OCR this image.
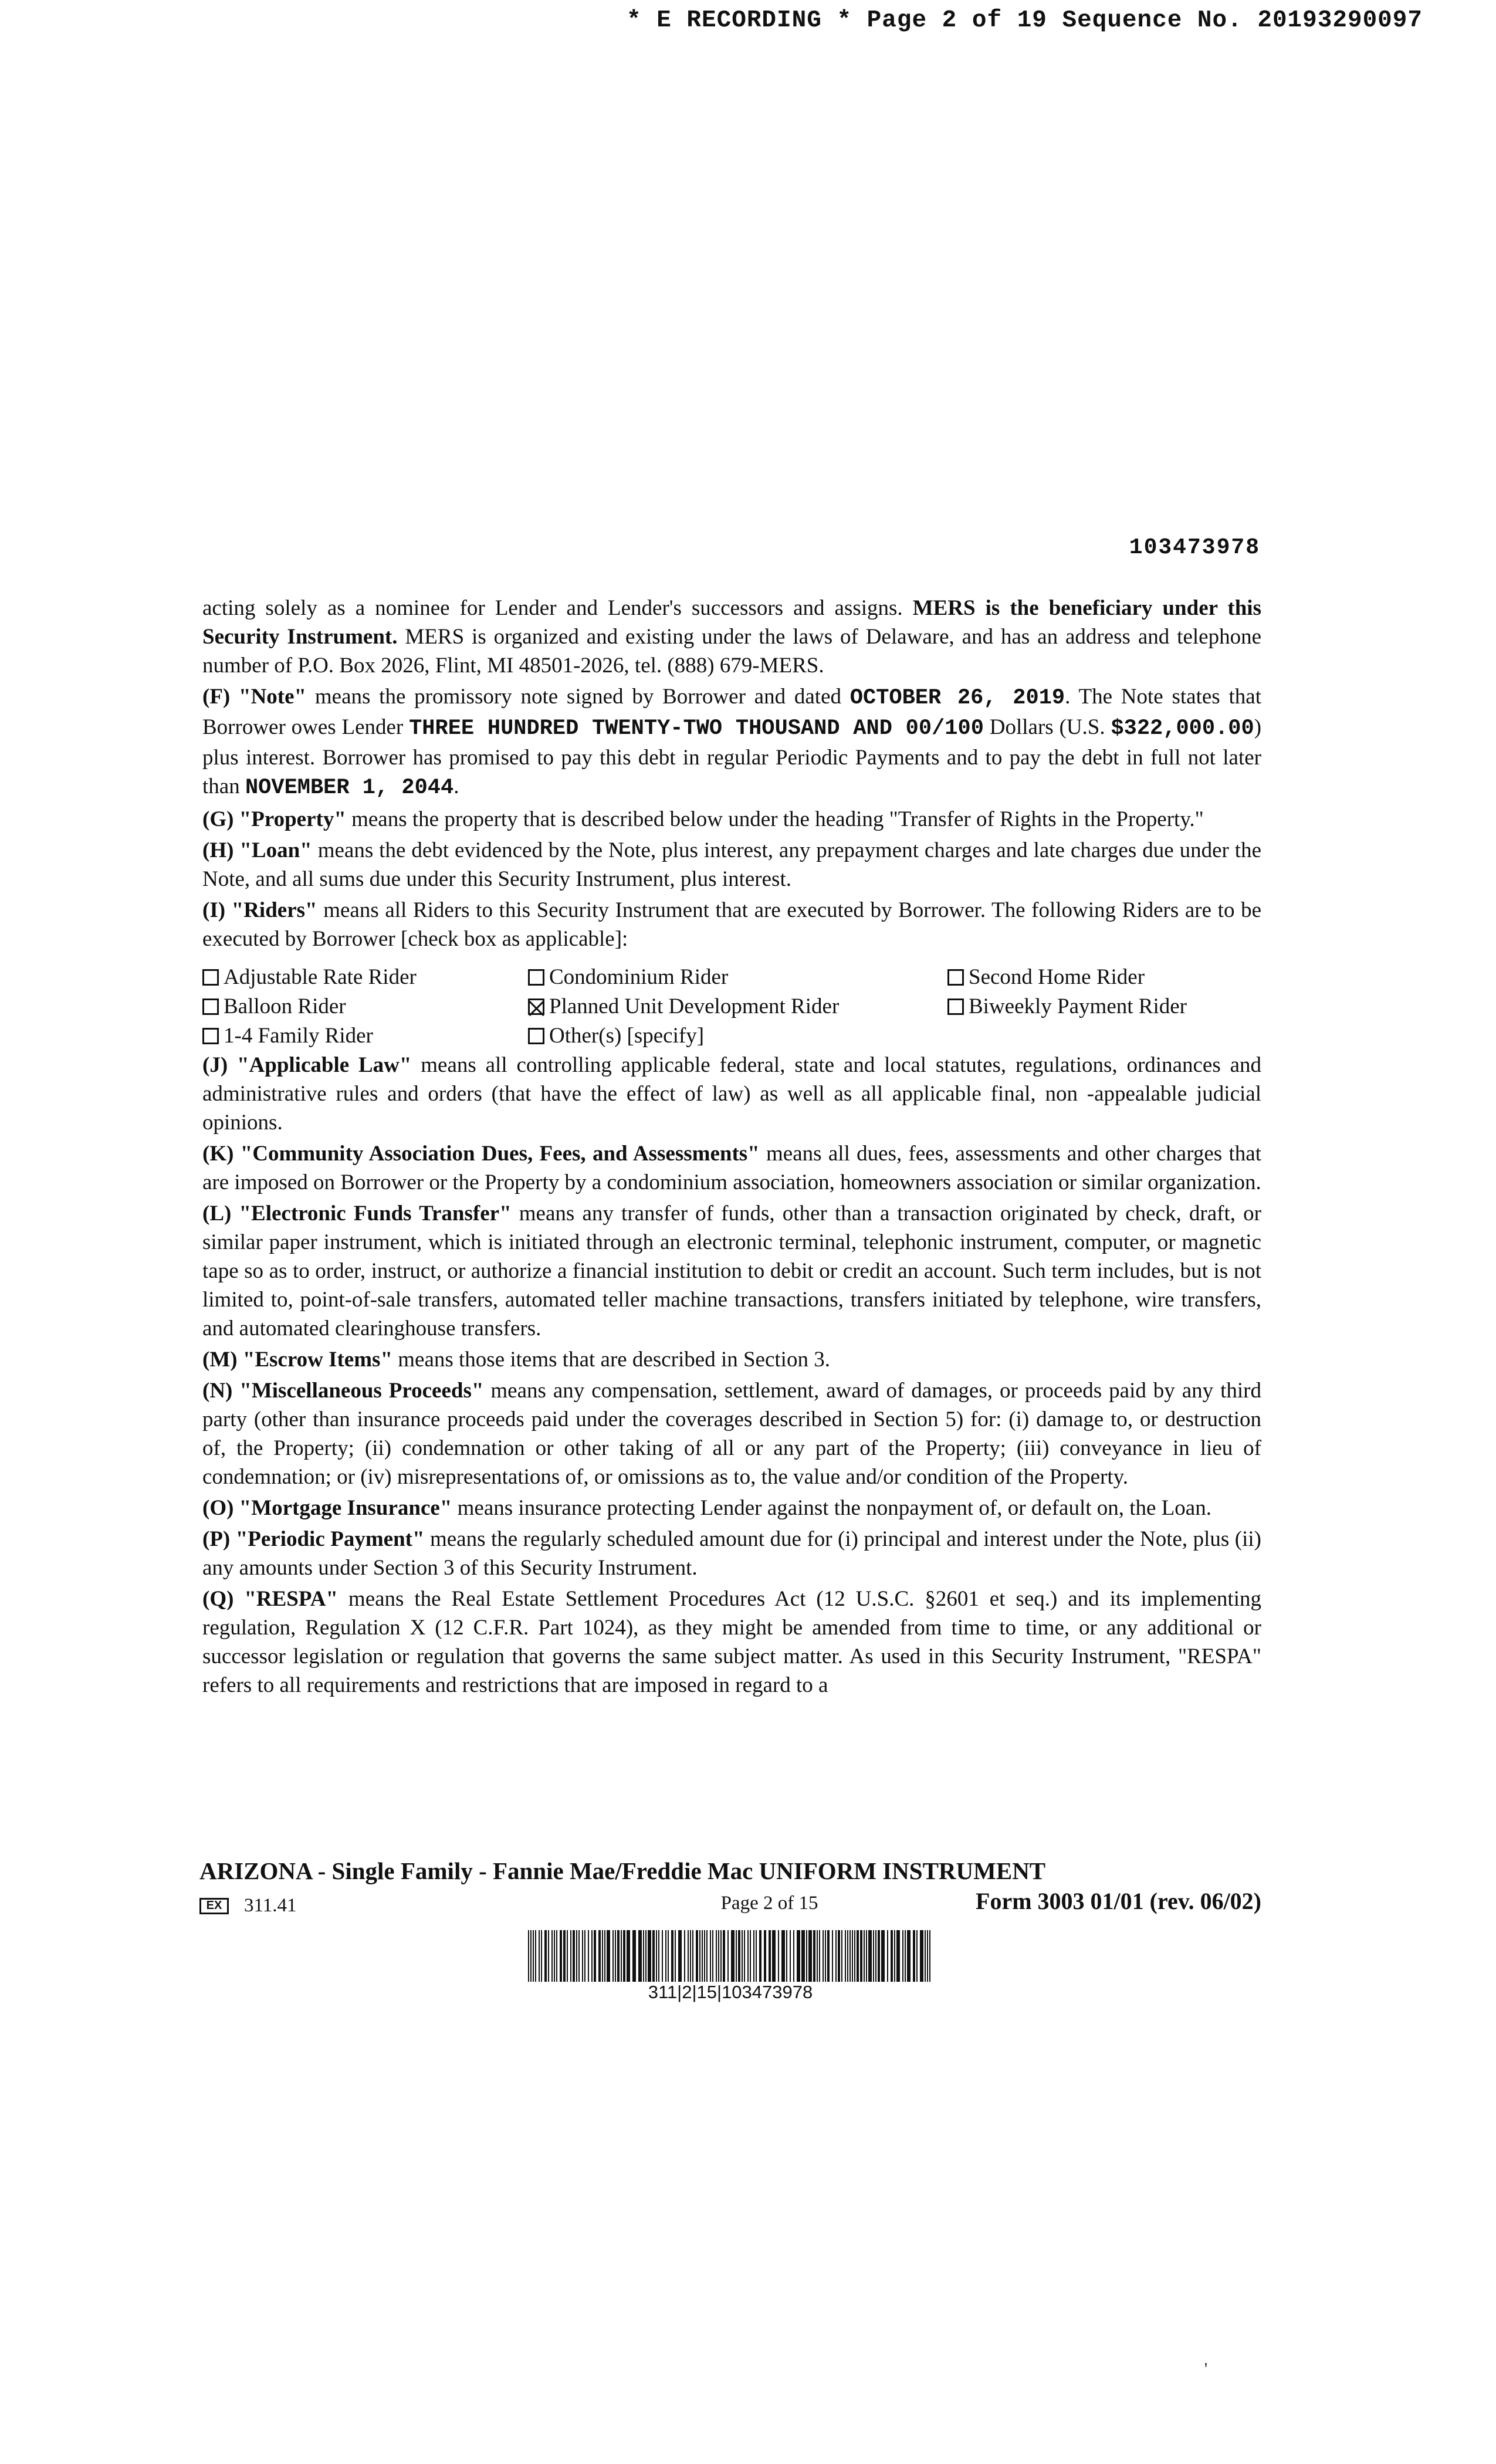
* E RECORDING * Page 2 of 19 Sequence No. 20193290097
103473978

acting solely as a nominee for Lender and Lender's successors and assigns. MERS is the beneficiary under this Security Instrument. MERS is organized and existing under the laws of Delaware, and has an address and telephone number of P.O. Box 2026, Flint, MI 48501-2026, tel. (888) 679-MERS.

(F) "Note" means the promissory note signed by Borrower and dated OCTOBER 26, 2019. The Note states that Borrower owes Lender THREE HUNDRED TWENTY-TWO THOUSAND AND 00/100 Dollars (U.S. $322,000.00) plus interest. Borrower has promised to pay this debt in regular Periodic Payments and to pay the debt in full not later than NOVEMBER 1, 2044.

(G) "Property" means the property that is described below under the heading "Transfer of Rights in the Property."

(H) "Loan" means the debt evidenced by the Note, plus interest, any prepayment charges and late charges due under the Note, and all sums due under this Security Instrument, plus interest.

(I) "Riders" means all Riders to this Security Instrument that are executed by Borrower. The following Riders are to be executed by Borrower [check box as applicable]:

Adjustable Rate Rider	Condominium Rider	Second Home Rider
Balloon Rider	Planned Unit Development Rider	Biweekly Payment Rider
1-4 Family Rider	Other(s) [specify]

(J) "Applicable Law" means all controlling applicable federal, state and local statutes, regulations, ordinances and administrative rules and orders (that have the effect of law) as well as all applicable final, non -appealable judicial opinions.

(K) "Community Association Dues, Fees, and Assessments" means all dues, fees, assessments and other charges that are imposed on Borrower or the Property by a condominium association, homeowners association or similar organization.

(L) "Electronic Funds Transfer" means any transfer of funds, other than a transaction originated by check, draft, or similar paper instrument, which is initiated through an electronic terminal, telephonic instrument, computer, or magnetic tape so as to order, instruct, or authorize a financial institution to debit or credit an account. Such term includes, but is not limited to, point-of-sale transfers, automated teller machine transactions, transfers initiated by telephone, wire transfers, and automated clearinghouse transfers.

(M) "Escrow Items" means those items that are described in Section 3.

(N) "Miscellaneous Proceeds" means any compensation, settlement, award of damages, or proceeds paid by any third party (other than insurance proceeds paid under the coverages described in Section 5) for: (i) damage to, or destruction of, the Property; (ii) condemnation or other taking of all or any part of the Property; (iii) conveyance in lieu of condemnation; or (iv) misrepresentations of, or omissions as to, the value and/or condition of the Property.

(O) "Mortgage Insurance" means insurance protecting Lender against the nonpayment of, or default on, the Loan.

(P) "Periodic Payment" means the regularly scheduled amount due for (i) principal and interest under the Note, plus (ii) any amounts under Section 3 of this Security Instrument.

(Q) "RESPA" means the Real Estate Settlement Procedures Act (12 U.S.C. §2601 et seq.) and its implementing regulation, Regulation X (12 C.F.R. Part 1024), as they might be amended from time to time, or any additional or successor legislation or regulation that governs the same subject matter. As used in this Security Instrument, "RESPA" refers to all requirements and restrictions that are imposed in regard to a

ARIZONA - Single Family - Fannie Mae/Freddie Mac UNIFORM INSTRUMENT
EX	311.41	Page 2 of 15	Form 3003 01/01 (rev. 06/02)
311|2|15|103473978
'
